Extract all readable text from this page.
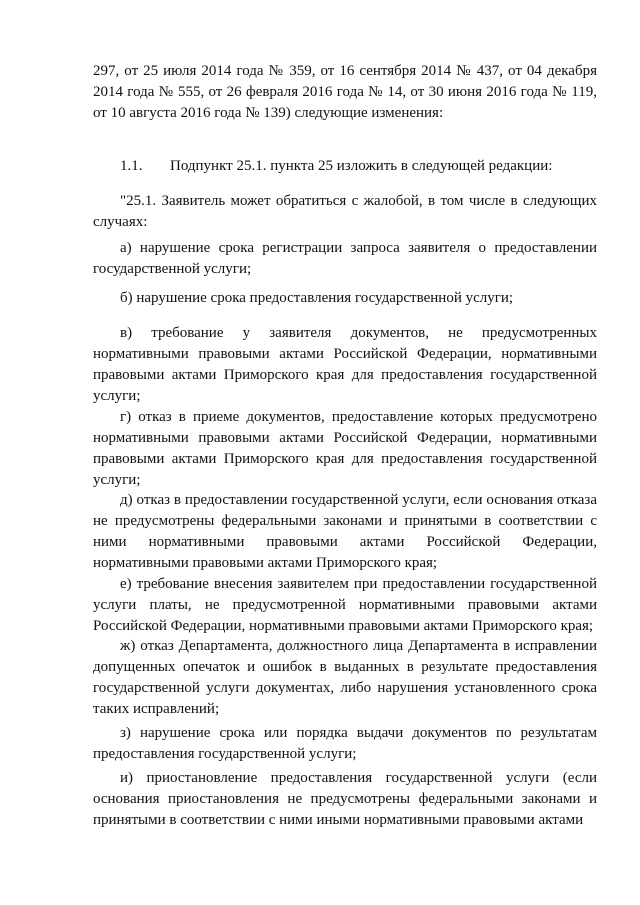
297, от 25 июля 2014 года № 359, от 16 сентября 2014 № 437, от 04 декабря 2014 года № 555, от 26 февраля 2016 года № 14, от 30 июня 2016 года № 119, от 10 августа 2016 года № 139) следующие изменения:
1.1. Подпункт 25.1. пункта 25 изложить в следующей редакции:
"25.1. Заявитель может обратиться с жалобой, в том числе в следующих случаях:
а) нарушение срока регистрации запроса заявителя о предоставлении государственной услуги;
б) нарушение срока предоставления государственной услуги;
в) требование у заявителя документов, не предусмотренных нормативными правовыми актами Российской Федерации, нормативными правовыми актами Приморского края для предоставления государственной услуги;
г) отказ в приеме документов, предоставление которых предусмотрено нормативными правовыми актами Российской Федерации, нормативными правовыми актами Приморского края для предоставления государственной услуги;
д) отказ в предоставлении государственной услуги, если основания отказа не предусмотрены федеральными законами и принятыми в соответствии с ними нормативными правовыми актами Российской Федерации, нормативными правовыми актами Приморского края;
е) требование внесения заявителем при предоставлении государственной услуги платы, не предусмотренной нормативными правовыми актами Российской Федерации, нормативными правовыми актами Приморского края;
ж) отказ Департамента, должностного лица Департамента в исправлении допущенных опечаток и ошибок в выданных в результате предоставления государственной услуги документах, либо нарушения установленного срока таких исправлений;
з) нарушение срока или порядка выдачи документов по результатам предоставления государственной услуги;
и) приостановление предоставления государственной услуги (если основания приостановления не предусмотрены федеральными законами и принятыми в соответствии с ними иными нормативными правовыми актами
